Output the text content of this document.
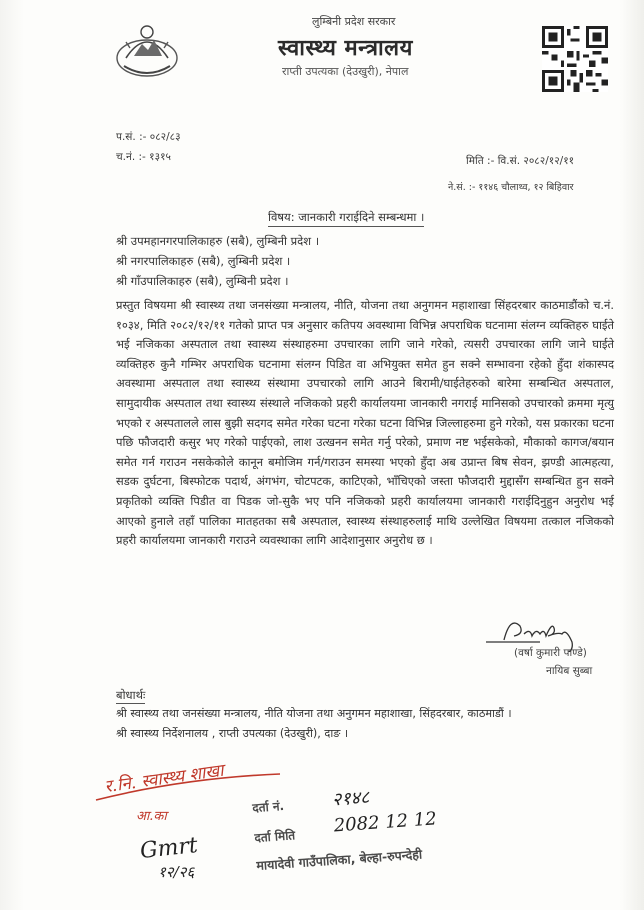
लुम्बिनी प्रदेश सरकार
स्वास्थ्य मन्त्रालय
राप्ती उपत्यका (देउखुरी), नेपाल
प.सं. :- ०८२/८३
च.नं. :- १३१५	मिति :- वि.सं. २०८२/१२/११
ने.सं. :- ११४६ चौलाथ्व, १२ बिहिवार
विषय: जानकारी गराईदिने सम्बन्धमा ।
श्री उपमहानगरपालिकाहरु (सबै), लुम्बिनी प्रदेश ।
श्री नगरपालिकाहरु (सबै), लुम्बिनी प्रदेश ।
श्री गाँउपालिकाहरु (सबै), लुम्बिनी प्रदेश ।
प्रस्तुत विषयमा श्री स्वास्थ्य तथा जनसंख्या मन्त्रालय, नीति, योजना तथा अनुगमन महाशाखा सिंहदरबार काठमाडौंको च.नं. १०३४, मिति २०८२/१२/११ गतेको प्राप्त पत्र अनुसार कतिपय अवस्थामा विभिन्न अपराधिक घटनामा संलग्न व्यक्तिहरु घाईते भई नजिकका अस्पताल तथा स्वास्थ्य संस्थाहरुमा उपचारका लागि जाने गरेको, त्यसरी उपचारका लागि जाने घाईते व्यक्तिहरु कुनै गम्भिर अपराधिक घटनामा संलग्न पिडित वा अभियुक्त समेत हुन सक्ने सम्भावना रहेको हुँदा शंकास्पद अवस्थामा अस्पताल तथा स्वास्थ्य संस्थामा उपचारको लागि आउने बिरामी/घाईतेहरुको बारेमा सम्बन्धित अस्पताल, सामुदायीक अस्पताल तथा स्वास्थ्य संस्थाले नजिकको प्रहरी कार्यालयमा जानकारी नगराई मानिसको उपचारको क्रममा मृत्यु भएको र अस्पतालले लास बुझी सदगद समेत गरेका घटना गरेका घटना विभिन्न जिल्लाहरुमा हुने गरेको, यस प्रकारका घटना पछि फौजदारी कसुर भए गरेको पाईएको, लाश उत्खनन समेत गर्नु परेको, प्रमाण नष्ट भईसकेको, मौकाको कागज/बयान समेत गर्न गराउन नसकेकोले कानून बमोजिम गर्न/गराउन समस्या भएको हुँदा अब उप्रान्त बिष सेवन, झण्डी आत्महत्या, सडक दुर्घटना, बिस्फोटक पदार्थ, अंगभंग, चोटपटक, काटिएको, भाँचिएको जस्ता फौजदारी मुद्दासँग सम्बन्धित हुन सक्ने प्रकृतिको व्यक्ति पिडीत वा पिडक जो-सुकै भए पनि नजिकको प्रहरी कार्यालयमा जानकारी गराईदिनुहुन अनुरोध भई आएको हुनाले तहाँ पालिका मातहतका सबै अस्पताल, स्वास्थ्य संस्थाहरुलाई माथि उल्लेखित विषयमा तत्काल नजिकको प्रहरी कार्यालयमा जानकारी गराउने व्यवस्थाका लागि आदेशानुसार अनुरोध छ ।
Pandey
(वर्षा कुमारी पाण्डे)
नायिब सुब्बा
बोधार्थः
श्री स्वास्थ्य तथा जनसंख्या मन्त्रालय, नीति योजना तथा अनुगमन महाशाखा, सिंहदरबार, काठमाडौं ।
श्री स्वास्थ्य निर्देशनालय , राप्ती उपत्यका (देउखुरी), दाङ ।
र.नि. स्वास्थ्य शाखा
आ.का
Gmrt
१२/२६
दर्ता नं.	२१४८
दर्ता मिति
2082 12 12
मायादेवी गाउँपालिका, बेल्हा-रुपन्देही
